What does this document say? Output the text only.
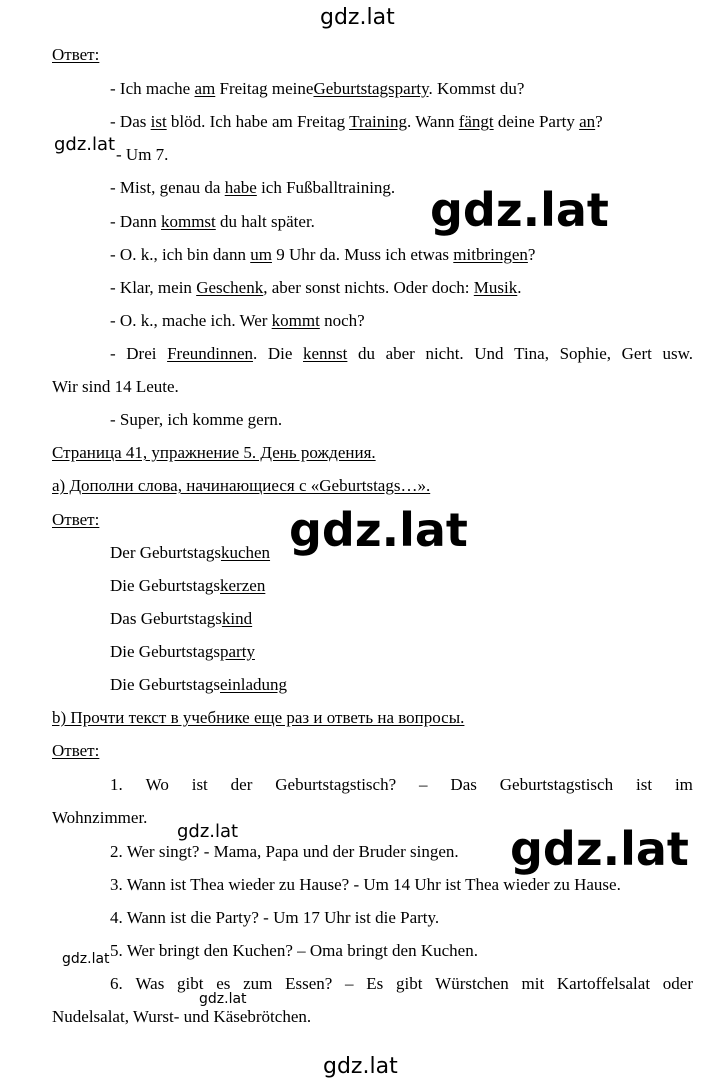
gdz.lat
gdz.lat
gdz.lat
gdz.lat
gdz.lat	gdz.lat
gdz.lat
gdz.lat
gdz.lat
Ответ:
- Ich mache am Freitag meineGeburtstagsparty. Kommst du?
- Das ist blöd. Ich habe am Freitag Training. Wann fängt deine Party an?
- Um 7.
- Mist, genau da habe ich Fußballtraining.
- Dann kommst du halt später.
- O. k., ich bin dann um 9 Uhr da. Muss ich etwas mitbringen?
- Klar, mein Geschenk, aber sonst nichts. Oder doch: Musik.
- O. k., mache ich. Wer kommt noch?
- Drei Freundinnen. Die kennst du aber nicht. Und Tina, Sophie, Gert usw.
Wir sind 14 Leute.
- Super, ich komme gern.
Страница 41, упражнение 5. День рождения.
a) Дополни слова, начинающиеся с «Geburtstags…».
Ответ:
Der Geburtstagskuchen
Die Geburtstagskerzen
Das Geburtstagskind
Die Geburtstagsparty
Die Geburtstagseinladung
b) Прочти текст в учебнике еще раз и ответь на вопросы.
Ответ:
1. Wo ist der Geburtstagstisch? – Das Geburtstagstisch ist im
Wohnzimmer.
2. Wer singt? - Mama, Papa und der Bruder singen.
3. Wann ist Thea wieder zu Hause? - Um 14 Uhr ist Thea wieder zu Hause.
4. Wann ist die Party? - Um 17 Uhr ist die Party.
5. Wer bringt den Kuchen? – Oma bringt den Kuchen.
6. Was gibt es zum Essen? – Es gibt Würstchen mit Kartoffelsalat oder
Nudelsalat, Wurst- und Käsebrötchen.
